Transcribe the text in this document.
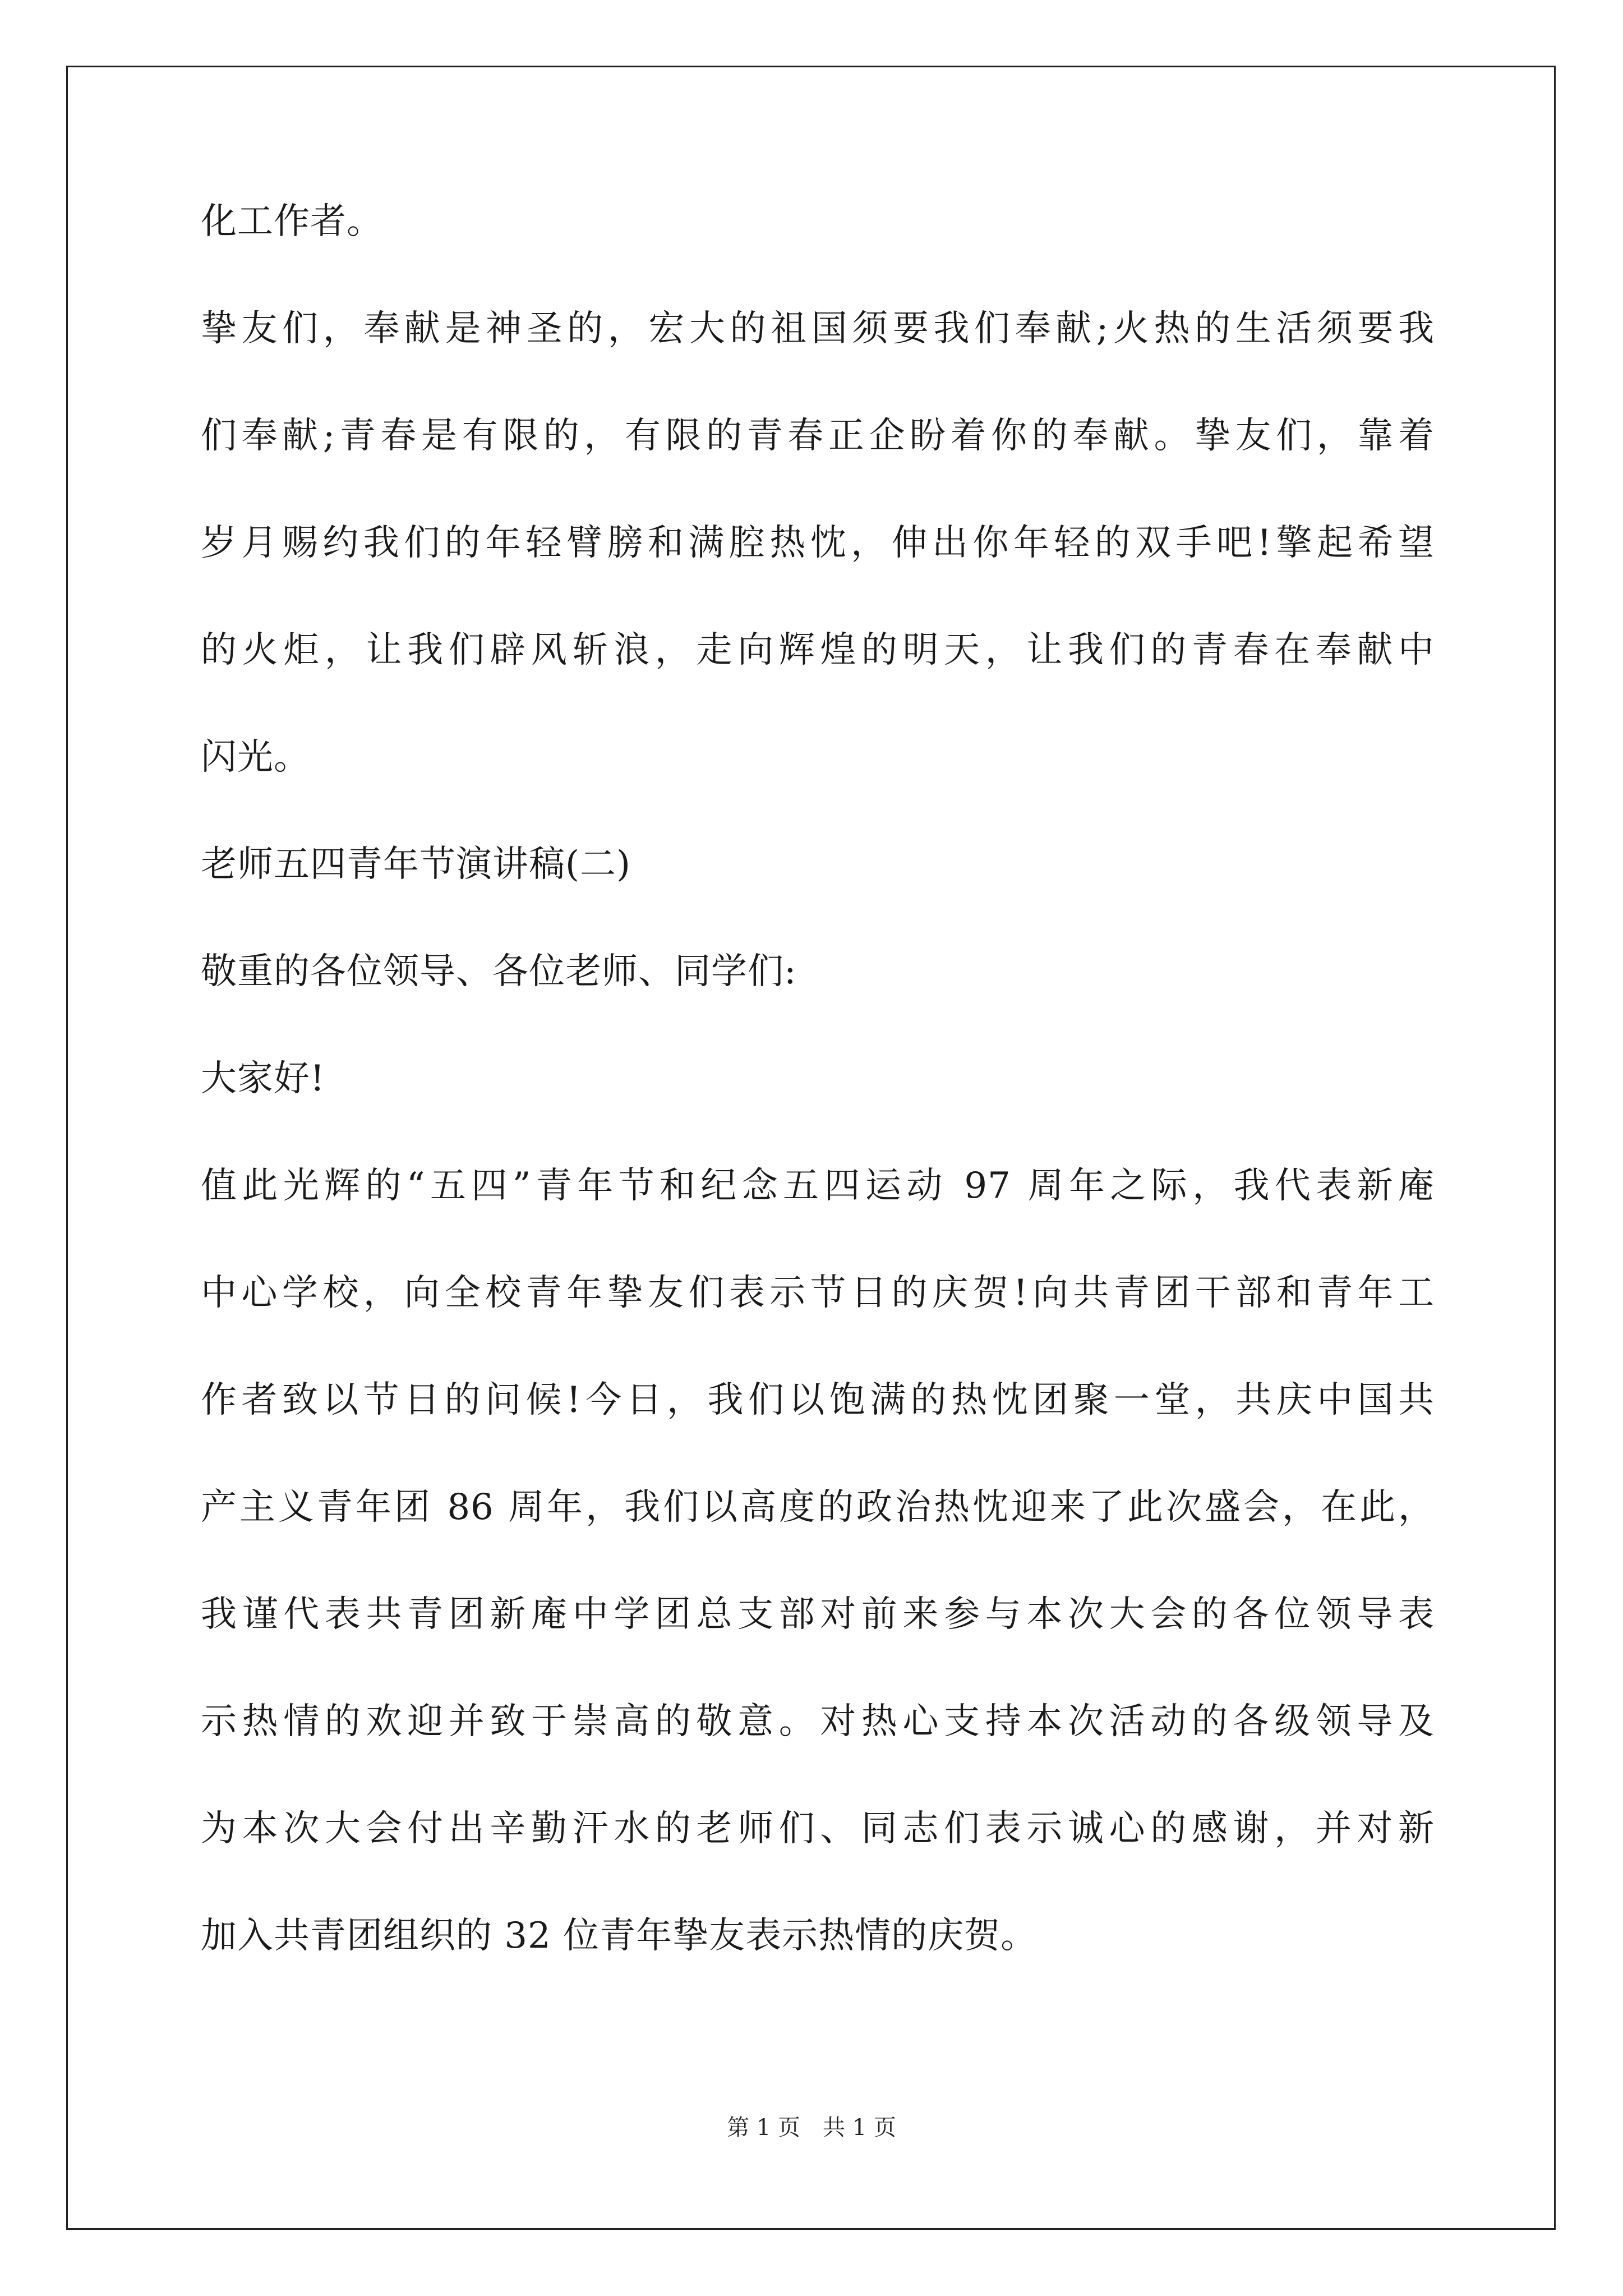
化工作者。
挚友们，奉献是神圣的，宏大的祖国须要我们奉献;火热的生活须要我
们奉献;青春是有限的，有限的青春正企盼着你的奉献。挚友们，靠着
岁月赐约我们的年轻臂膀和满腔热忱，伸出你年轻的双手吧!擎起希望
的火炬，让我们辟风斩浪，走向辉煌的明天，让我们的青春在奉献中
闪光。
老师五四青年节演讲稿(二)
敬重的各位领导、各位老师、同学们:
大家好!
值此光辉的“五四”青年节和纪念五四运动 97 周年之际，我代表新庵
中心学校，向全校青年挚友们表示节日的庆贺!向共青团干部和青年工
作者致以节日的问候!今日，我们以饱满的热忱团聚一堂，共庆中国共
产主义青年团 86 周年，我们以高度的政治热忱迎来了此次盛会，在此，
我谨代表共青团新庵中学团总支部对前来参与本次大会的各位领导表
示热情的欢迎并致于崇高的敬意。对热心支持本次活动的各级领导及
为本次大会付出辛勤汗水的老师们、同志们表示诚心的感谢，并对新
加入共青团组织的 32 位青年挚友表示热情的庆贺。
第 1 页 共 1 页
